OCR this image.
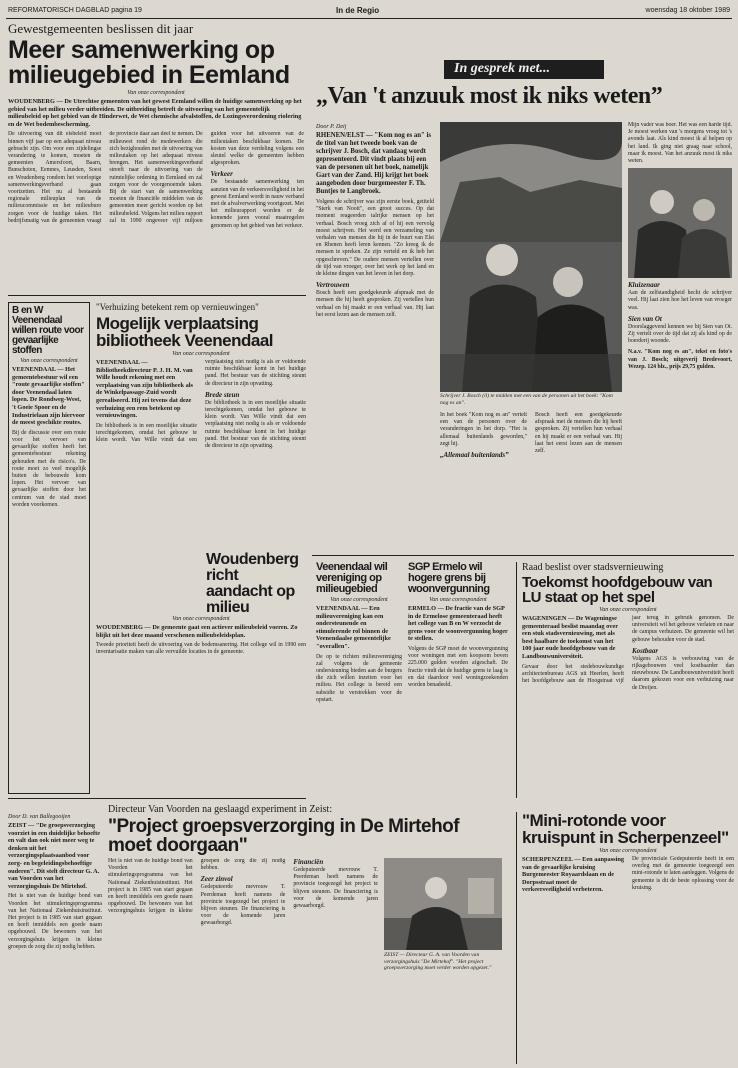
REFORMATORISCH DAGBLAD pagina 19	In de Regio	woensdag 18 oktober 1989
Gewestgemeenten beslissen dit jaar
Meer samenwerking op milieugebied in Eemland
Van onze correspondent
WOUDENBERG — De Utrechtse gemeenten van het gewest Eemland willen de huidige samenwerking op het gebied van het milieu verder uitbreiden. De uitbreiding betreft de uitvoering van het gemeentelijk milieubeleid op het gebied van de Hinderwet, de Wet chemische afvalstoffen, de Lozingsverordening riolering en de Wet bodembescherming.
De uitvoering van dit eisbeleid moet binnen vijf jaar op een adequaat niveau gebracht zijn. Om voor een zijdelingse verandering te komen, moeten de gemeenten Amersfoort, Baarn, Bunschoten, Eemnes, Leusden, Soest en Woudenberg rondom het voorlopige samenwerkingsverband gaan voortzetten. Het nu al bestaande regionale milieuplan van de milieucommissie en het milieuburo zorgen voor de huidige taken. Het bedrijfsmatig van de gemeenten vraagt de provincie daar aan deel te nemen. De milieuwet rond de medewerkers die zich bezighouden met de uitvoering van milieutaken op het adequaat niveau brengen. Het samenwerkingsverband streeft naar de uitvoering van de ruimtelijke ordening in Eemland en zal zorgen voor de voorgenoemde taken. Bij de start van de samenwerking moeten de financiële middelen van de gemeenten meer gericht worden op het milieubeleid. Volgens het milieu rapport zal in 1990 ongeveer vijf miljoen gulden voor het uitvoeren van de milieutaken beschikbaar komen. De kosten van deze verdeling volgens een sleutel welke de gemeenten hebben afgesproken.
Verkeer
De bestaande samenwerking ten aanzien van de verkeersveiligheid in het gewest Eemland wordt in nauw verband met de afvalverwerking voortgezet. Met het milieurapport worden er de komende jaren vooral maatregelen genomen op het gebied van het verkeer.
In gesprek met...
„Van 't anzuuk most ik niks weten”
Door P. Deij
RHENEN/ELST — "Kom nog es an" is de titel van het tweede boek van de schrijver J. Bosch, dat vandaag wordt gepresenteerd. Dit vindt plaats bij een van de personen uit het boek, namelijk Gart van der Zand. Hij krijgt het boek aangeboden door burgemeester F. Th. Buntjes te Langbroek.
Volgens de schrijver was zijn eerste boek, getiteld "Sterk van Nooit", een groot succes. Op dat moment reageerden talrijke mensen op het verhaal. Bosch vroeg zich af of hij een vervolg moest schrijven. Het werd een verzameling van verhalen van mensen die hij in de buurt van Elst en Rhenen heeft leren kennen. "Zo kreeg ik de mensen te spreken. Ze zijn verteld en ik heb het opgeschreven." De oudere mensen vertellen over de tijd van vroeger, over het werk op het land en de kleine dingen van het leven in het dorp.
Vertrouwen
Bosch heeft een goedgekeurde afspraak met de mensen die hij heeft gesproken. Zij vertellen hun verhaal en hij maakt er een verhaal van. Hij laat het eerst lezen aan de mensen zelf.
Schrijver J. Bosch (il) te midden met een van de personen uit het boek: "Kom nog es an".
In het boek "Kom nog es an" vertelt een van de personen over de veranderingen in het dorp. "Het is allemaal buitenlands geworden," zegt hij.
„Allemaal buitenlands”
Bosch heeft een goedgekeurde afspraak met de mensen die hij heeft gesproken. Zij vertellen hun verhaal en hij maakt er een verhaal van. Hij laat het eerst lezen aan de mensen zelf.
Mijn vader was boer. Het was een harde tijd. Je moest werken van 's morgens vroeg tot 's avonds laat. Als kind moest ik al helpen op het land. Ik ging niet graag naar school, maar ik moest. Van het anzuuk most ik niks weten.
Kluizenaar
Aan de zelfstandigheid hecht de schrijver veel. Hij laat zien hoe het leven van vroeger was.
Sien van Ot
Doorslaggevend kennen we bij Sien van Ot. Zij vertelt over de tijd dat zij als kind op de boerderij woonde.
N.a.v. "Kom nog es an", tekst en foto's van J. Bosch; uitgeverij Bredevoort, Wezep. 124 blz., prijs 29,75 gulden.
B en W Veenendaal willen route voor gevaarlijke stoffen
Van onze correspondent
VEENENDAAL — Het gemeentebestuur wil een "route gevaarlijke stoffen" door Veenendaal laten lopen. De Rondweg-West, 't Goeie Spoor en de Industrielaan zijn hiervoor de meest geschikte routes.
Bij de discussie over een route voor het vervoer van gevaarlijke stoffen heeft het gemeentebestuur rekening gehouden met de risico's. De route moet zo veel mogelijk buiten de bebouwde kom lopen. Het vervoer van gevaarlijke stoffen door het centrum van de stad moet worden voorkomen.
"Verhuizing betekent rem op vernieuwingen"
Mogelijk verplaatsing bibliotheek Veenendaal
Van onze correspondent
VEENENDAAL — Bibliotheekdirecteur P. J. H. M. van Wille houdt rekening met een verplaatsing van zijn bibliotheek als de Winkelpassage-Zuid wordt gerealiseerd. Hij zei tevens dat deze verhuizing een rem betekent op vernieuwingen.
De bibliotheek is in een moeilijke situatie terechtgekomen, omdat het gebouw te klein wordt. Van Wille vindt dat een verplaatsing niet nodig is als er voldoende ruimte beschikbaar komt in het huidige pand. Het bestuur van de stichting steunt de directeur in zijn opvatting.
Brede steun
De bibliotheek is in een moeilijke situatie terechtgekomen, omdat het gebouw te klein wordt. Van Wille vindt dat een verplaatsing niet nodig is als er voldoende ruimte beschikbaar komt in het huidige pand. Het bestuur van de stichting steunt de directeur in zijn opvatting.
Woudenberg richt aandacht op milieu
Van onze correspondent
WOUDENBERG — De gemeente gaat een actiever milieubeleid voeren. Zo blijkt uit het deze maand verschenen milieubeleidsplan.
Tweede prioriteit heeft de uitvoering van de bodemsanering. Het college wil in 1990 een inventarisatie maken van alle vervuilde locaties in de gemeente.
Veenendaal wil vereniging op milieugebied
Van onze correspondent
VEENENDAAL — Een milieuvereniging kan een ondersteunende en stimulerende rol binnen de Veenendaalse gemeentelijke "overallen".
De op te richten milieuvereniging zal volgens de gemeente ondersteuning bieden aan de burgers die zich willen inzetten voor het milieu. Het college is bereid een subsidie te verstrekken voor de opstart.
SGP Ermelo wil hogere grens bij woonvergunning
Van onze correspondent
ERMELO — De fractie van de SGP in de Ermelose gemeenteraad heeft het college van B en W verzocht de grens voor de woonvergunning hoger te stellen.
Volgens de SGP moet de woonvergunning voor woningen met een koopsom boven 225.000 gulden worden afgeschaft. De fractie vindt dat de huidige grens te laag is en dat daardoor veel woningzoekenden worden benadeeld.
Raad beslist over stadsvernieuwing
Toekomst hoofdgebouw van LU staat op het spel
Van onze correspondent
WAGENINGEN — De Wageningse gemeenteraad beslist maandag over een stuk stadsvernieuwing, met als best haalbare de toekomst van het 100 jaar oude hoofdgebouw van de Landbouwuniversiteit.
Gevaar door het stedebouwkundige architectenbureau AGS uit Heerlen, heeft het hoofdgebouw aan de Hoogstraat vijf jaar terug in gebruik genomen. De universiteit wil het gebouw verlaten en naar de campus verhuizen. De gemeente wil het gebouw behouden voor de stad.
Kostbaar
Volgens AGS is verbouwing van de rijksgebouwen veel kostbaarder dan nieuwbouw. De Landbouwuniversiteit heeft daarom gekozen voor een verhuizing naar de Dreijen.
Directeur Van Voorden na geslaagd experiment in Zeist:
"Project groepsverzorging in De Mirtehof moet doorgaan"
Door D. van Ballegooijen
ZEIST — "De groepsverzorging voorziet in een duidelijke behoefte en valt dan ook niet meer weg te denken uit het verzorgingsplaatsaanbod voor zorg- en begeleidingsbehoeftige ouderen". Dit stelt directeur G. A. van Voorden van het verzorgingshuis De Mirtehof.
Het is niet van de huidige bond van Voorden het stimuleringsprogramma van het Nationaal Ziekenhuisinstituut. Het project is in 1985 van start gegaan en heeft inmiddels een goede naam opgebouwd. De bewoners van het verzorgingshuis krijgen in kleine groepen de zorg die zij nodig hebben.
Het is niet van de huidige bond van Voorden het stimuleringsprogramma van het Nationaal Ziekenhuisinstituut. Het project is in 1985 van start gegaan en heeft inmiddels een goede naam opgebouwd. De bewoners van het verzorgingshuis krijgen in kleine groepen de zorg die zij nodig hebben.
Zeer zinvol
Gedeputeerde mevrouw T. Peerdeman heeft namens de provincie toegezegd het project te blijven steunen. De financiering is voor de komende jaren gewaarborgd.
Financiën
Gedeputeerde mevrouw T. Peerdeman heeft namens de provincie toegezegd het project te blijven steunen. De financiering is voor de komende jaren gewaarborgd.
ZEIST — Directeur G. A. van Voorden van verzorgingshuis "De Mirtehof". "Het project groepsverzorging moet verder worden opgezet."
"Mini-rotonde voor kruispunt in Scherpenzeel"
Van onze correspondent
SCHERPENZEEL — Een aanpassing van de gevaarlijke kruising Burgemeester Royaardslaan en de Dorpsstraat moet de verkeersveiligheid verbeteren.
De provinciale Gedeputeerde heeft in een overleg met de gemeente toegezegd een mini-rotonde te laten aanleggen. Volgens de gemeente is dit de beste oplossing voor de kruising.
